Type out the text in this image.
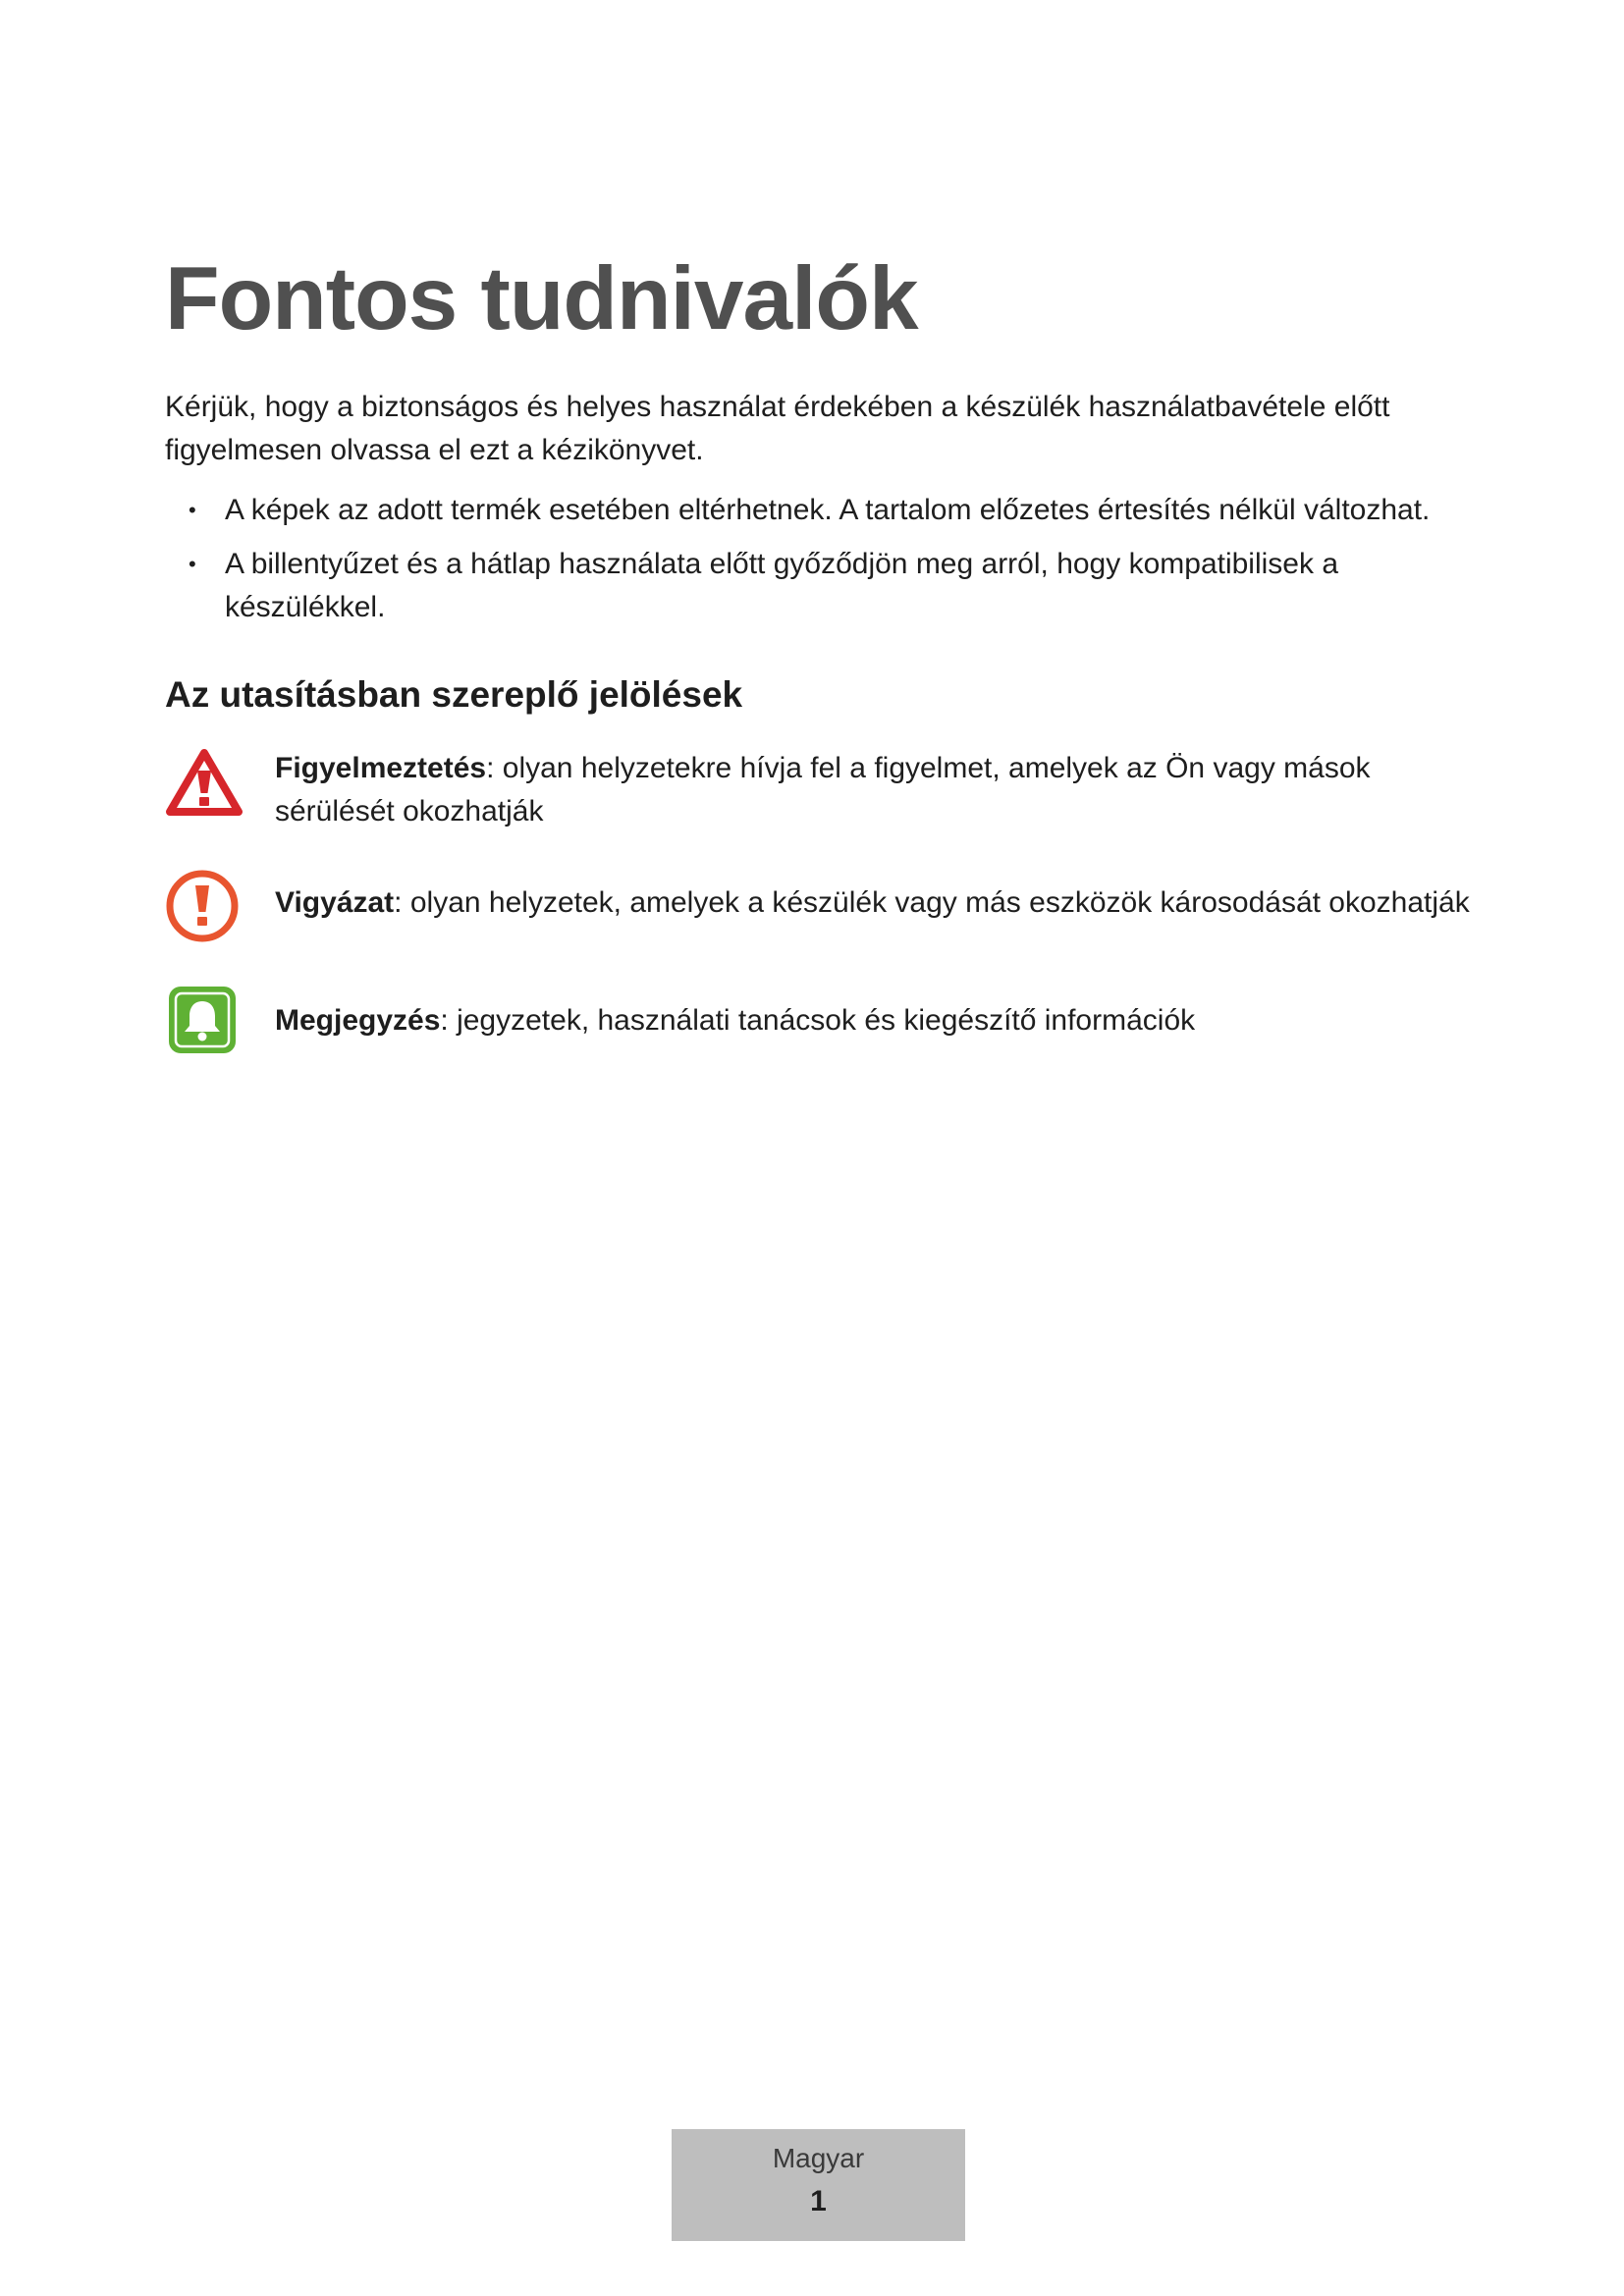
Fontos tudnivalók

Kérjük, hogy a biztonságos és helyes használat érdekében a készülék használatbavétele előtt figyelmesen olvassa el ezt a kézikönyvet.

• A képek az adott termék esetében eltérhetnek. A tartalom előzetes értesítés nélkül változhat.
• A billentyűzet és a hátlap használata előtt győződjön meg arról, hogy kompatibilisek a készülékkel.
Az utasításban szereplő jelölések

Figyelmeztetés: olyan helyzetekre hívja fel a figyelmet, amelyek az Ön vagy mások sérülését okozhatják

Vigyázat: olyan helyzetek, amelyek a készülék vagy más eszközök károsodását okozhatják

Megjegyzés: jegyzetek, használati tanácsok és kiegészítő információk

Magyar
1
